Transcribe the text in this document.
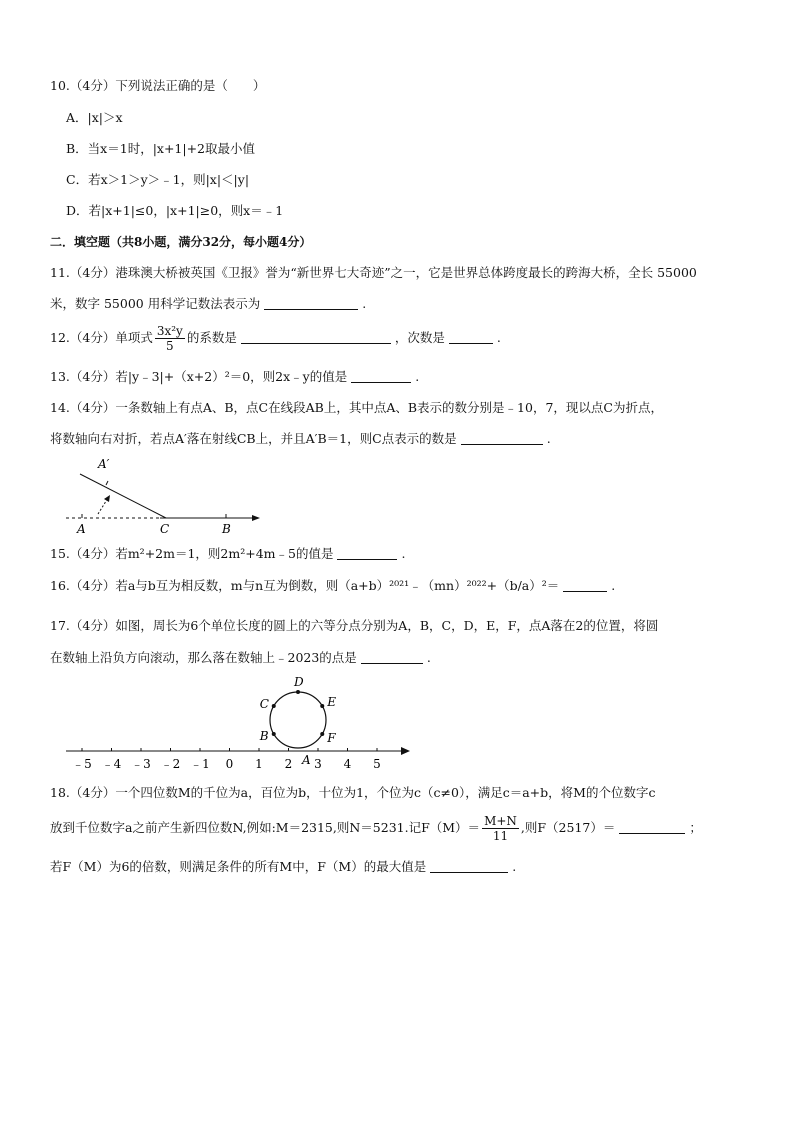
10.（4分）下列说法正确的是（　　）
A．|x|＞x
B．当x＝1时，|x+1|+2取最小值
C．若x＞1＞y＞﹣1，则|x|＜|y|
D．若|x+1|≤0，|x+1|≥0，则x＝﹣1
二．填空题（共8小题，满分32分，每小题4分）
11.（4分）港珠澳大桥被英国《卫报》誉为“新世界七大奇迹”之一，它是世界总体跨度最长的跨海大桥，全长 55000
米，数字 55000 用科学记数法表示为	.
12.（4分）单项式 $\frac{\text{3x²y}}{5}$ 的系数是	，次数是	.
13.（4分）若|y﹣3|+（x+2）²＝0，则2x﹣y的值是	.
14.（4分）一条数轴上有点A、B，点C在线段AB上，其中点A、B表示的数分别是﹣10，7，现以点C为折点，
将数轴向右对折，若点A′落在射线CB上，并且A′B＝1，则C点表示的数是	.
A′
A	C	B
15.（4分）若m²+2m＝1，则2m²+4m﹣5的值是	.
16.（4分）若a与b互为相反数，m与n互为倒数，则（a+b）²⁰²¹﹣（mn）²⁰²²+（b/a）²＝	.
17.（4分）如图，周长为6个单位长度的圆上的六等分点分别为A，B，C，D，E，F，点A落在2的位置，将圆
在数轴上沿负方向滚动，那么落在数轴上﹣2023的点是	.
﹣5 ﹣4 ﹣3 ﹣2 ﹣1 0 1 2 3 4 5
A
B
C
D
E
F
18.（4分）一个四位数M的千位为a，百位为b，十位为1，个位为c（c≠0），满足c＝a+b，将M的个位数字c
放到千位数字a之前产生新四位数N,例如:M＝2315,则N＝5231.记$F(M)= \frac{M+N}{11}$ ,则F（2517）＝	；
若F（M）为6的倍数，则满足条件的所有M中，F（M）的最大值是	.
